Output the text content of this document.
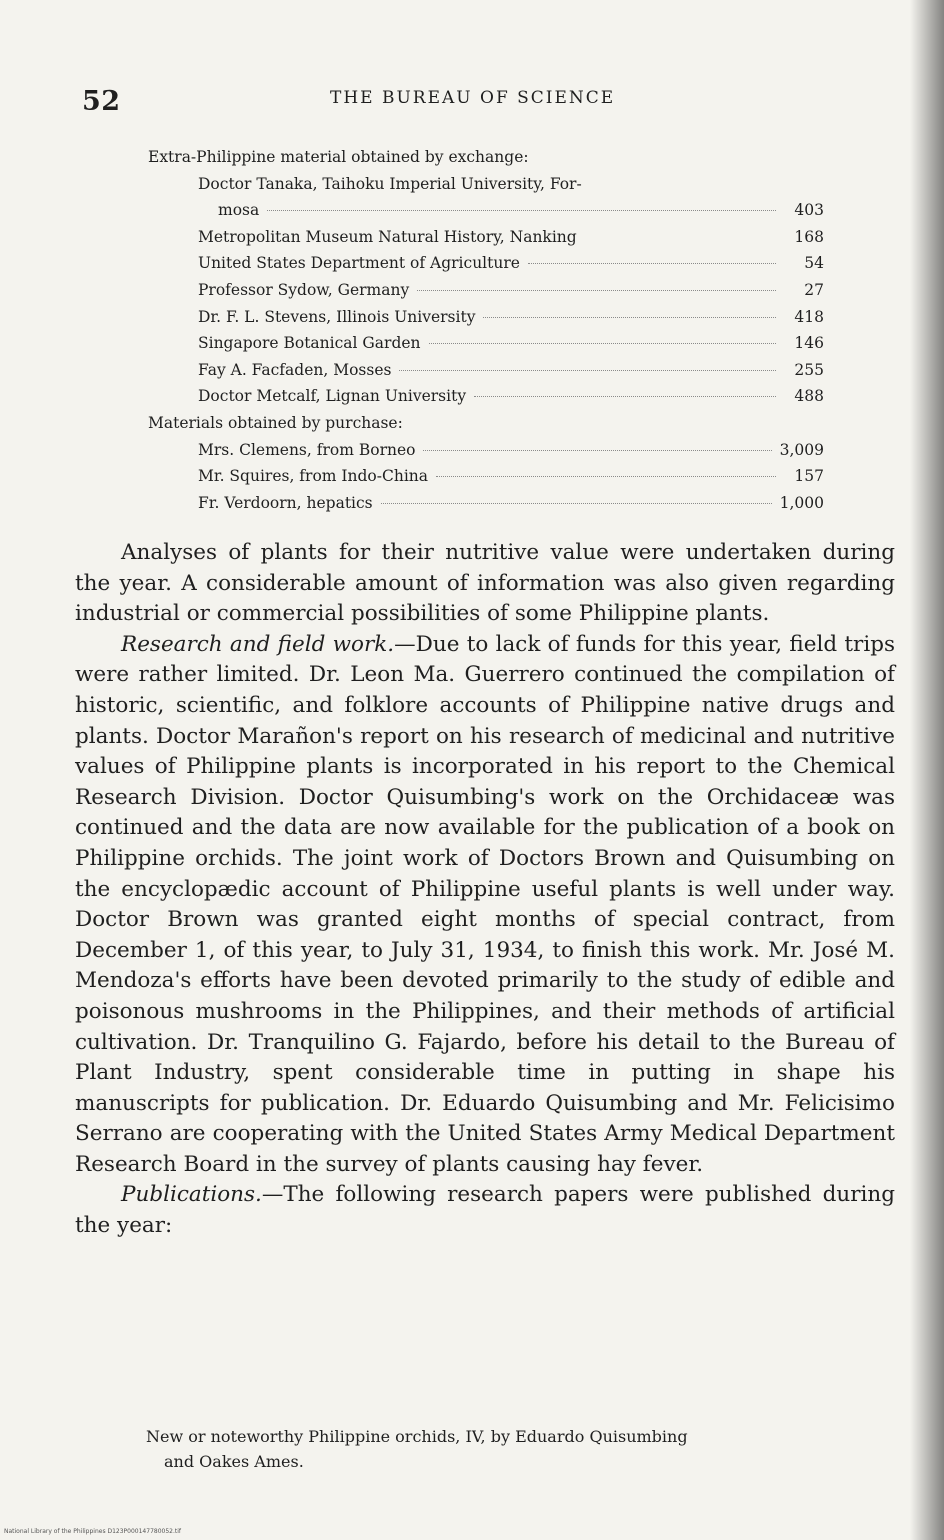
52	THE BUREAU OF SCIENCE
Extra-Philippine material obtained by exchange:
Doctor Tanaka, Taihoku Imperial University, For-
mosa	403
Metropolitan Museum Natural History, Nanking	168
United States Department of Agriculture	54
Professor Sydow, Germany	27
Dr. F. L. Stevens, Illinois University	418
Singapore Botanical Garden	146
Fay A. Facfaden, Mosses	255
Doctor Metcalf, Lignan University	488
Materials obtained by purchase:
Mrs. Clemens, from Borneo	3,009
Mr. Squires, from Indo-China	157
Fr. Verdoorn, hepatics	1,000

Analyses of plants for their nutritive value were undertaken during the year. A considerable amount of information was also given regarding industrial or commercial possibilities of some Philippine plants.

Research and field work.—Due to lack of funds for this year, field trips were rather limited. Dr. Leon Ma. Guerrero continued the compilation of historic, scientific, and folklore accounts of Philippine native drugs and plants. Doctor Marañon's report on his research of medicinal and nutritive values of Philippine plants is incorporated in his report to the Chemical Research Division. Doctor Quisumbing's work on the Orchidaceæ was continued and the data are now available for the publication of a book on Philippine orchids. The joint work of Doctors Brown and Quisumbing on the encyclopædic account of Philippine useful plants is well under way. Doctor Brown was granted eight months of special contract, from December 1, of this year, to July 31, 1934, to finish this work. Mr. José M. Mendoza's efforts have been devoted primarily to the study of edible and poisonous mushrooms in the Philippines, and their methods of artificial cultivation. Dr. Tranquilino G. Fajardo, before his detail to the Bureau of Plant Industry, spent considerable time in putting in shape his manuscripts for publication. Dr. Eduardo Quisumbing and Mr. Felicisimo Serrano are cooperating with the United States Army Medical Department Research Board in the survey of plants causing hay fever.

Publications.—The following research papers were published during the year:

New or noteworthy Philippine orchids, IV, by Eduardo Quisumbing
and Oakes Ames.
National Library of the Philippines D123P000147780052.tif
